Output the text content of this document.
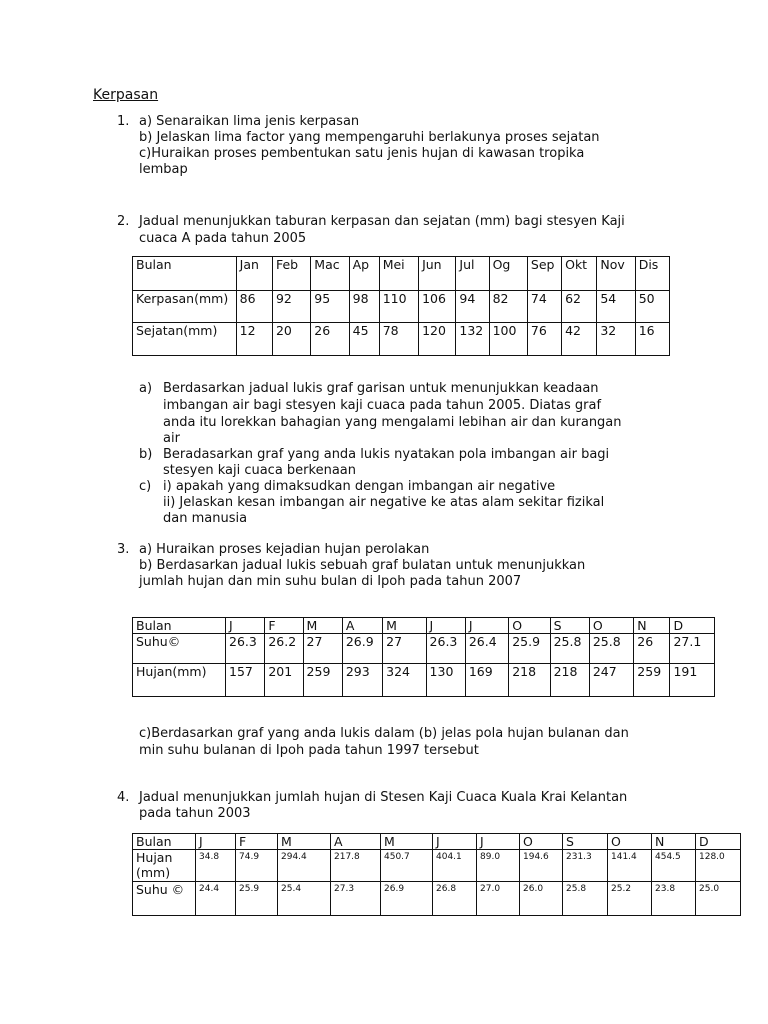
Kerpasan
1. a) Senaraikan lima jenis kerpasan
b) Jelaskan lima factor yang mempengaruhi berlakunya proses sejatan
c)Huraikan proses pembentukan satu jenis hujan di kawasan tropika
lembap
2. Jadual menunjukkan taburan kerpasan dan sejatan (mm) bagi stesyen Kaji
cuaca A pada tahun 2005
Bulan	Jan	Feb	Mac	Ap	Mei	Jun	Jul	Og	Sep	Okt	Nov	Dis
Kerpasan(mm)	86	92	95	98	110	106	94	82	74	62	54	50
Sejatan(mm)	12	20	26	45	78	120	132	100	76	42	32	16
a) Berdasarkan jadual lukis graf garisan untuk menunjukkan keadaan
imbangan air bagi stesyen kaji cuaca pada tahun 2005. Diatas graf
anda itu lorekkan bahagian yang mengalami lebihan air dan kurangan
air
b) Beradasarkan graf yang anda lukis nyatakan pola imbangan air bagi
stesyen kaji cuaca berkenaan
c) i) apakah yang dimaksudkan dengan imbangan air negative
ii) Jelaskan kesan imbangan air negative ke atas alam sekitar fizikal
dan manusia
3. a) Huraikan proses kejadian hujan perolakan
b) Berdasarkan jadual lukis sebuah graf bulatan untuk menunjukkan
jumlah hujan dan min suhu bulan di Ipoh pada tahun 2007
Bulan	J	F	M	A	M	J	J	O	S	O	N	D
Suhu©	26.3	26.2	27	26.9	27	26.3	26.4	25.9	25.8	25.8	26	27.1
Hujan(mm)	157	201	259	293	324	130	169	218	218	247	259	191
c)Berdasarkan graf yang anda lukis dalam (b) jelas pola hujan bulanan dan
min suhu bulanan di Ipoh pada tahun 1997 tersebut
4. Jadual menunjukkan jumlah hujan di Stesen Kaji Cuaca Kuala Krai Kelantan
pada tahun 2003
Bulan	J	F	M	A	M	J	J	O	S	O	N	D
Hujan (mm)	34.8	74.9	294.4	217.8	450.7	404.1	89.0	194.6	231.3	141.4	454.5	128.0
Suhu ©	24.4	25.9	25.4	27.3	26.9	26.8	27.0	26.0	25.8	25.2	23.8	25.0
